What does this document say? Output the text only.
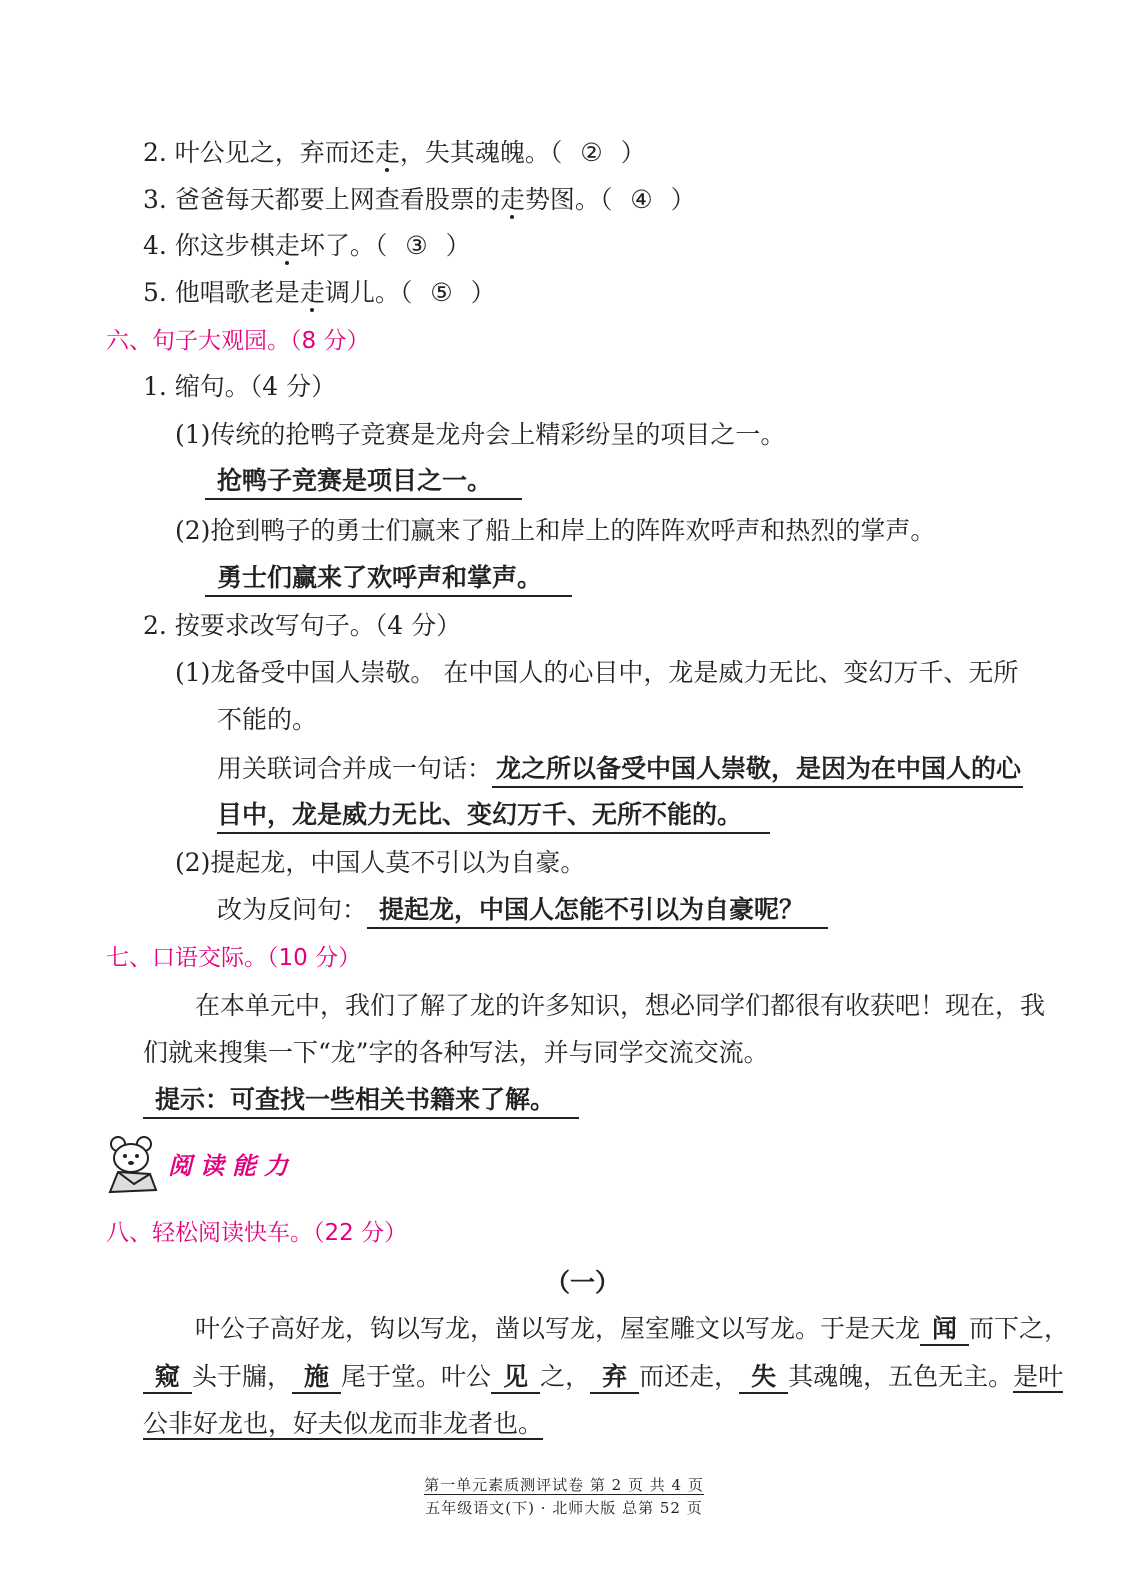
2. 叶公见之，弃而还走，失其魂魄。（ ② ）
3. 爸爸每天都要上网查看股票的走势图。（ ④ ）
4. 你这步棋走坏了。（ ③ ）
5. 他唱歌老是走调儿。（ ⑤ ）
六、句子大观园。（8 分）
1. 缩句。（4 分）
(1)传统的抢鸭子竞赛是龙舟会上精彩纷呈的项目之一。
抢鸭子竞赛是项目之一。
(2)抢到鸭子的勇士们赢来了船上和岸上的阵阵欢呼声和热烈的掌声。
勇士们赢来了欢呼声和掌声。
2. 按要求改写句子。（4 分）
(1)龙备受中国人崇敬。 在中国人的心目中，龙是威力无比、变幻万千、无所
不能的。
用关联词合并成一句话： 龙之所以备受中国人崇敬，是因为在中国人的心
目中，龙是威力无比、变幻万千、无所不能的。
(2)提起龙，中国人莫不引以为自豪。
改为反问句： 提起龙，中国人怎能不引以为自豪呢？
七、口语交际。（10 分）
在本单元中，我们了解了龙的许多知识，想必同学们都很有收获吧！现在，我
们就来搜集一下“龙”字的各种写法，并与同学交流交流。
提示：可查找一些相关书籍来了解。
阅读能力
八、轻松阅读快车。（22 分）
（一）
叶公子高好龙，钩以写龙，凿以写龙，屋室雕文以写龙。于是天龙 闻 而下之，
窥 头于牖， 施 尾于堂。叶公 见 之， 弃 而还走， 失 其魂魄，五色无主。是叶
公非好龙也，好夫似龙而非龙者也。
第一单元素质测评试卷 第 2 页 共 4 页
五年级语文(下) · 北师大版 总第 52 页
